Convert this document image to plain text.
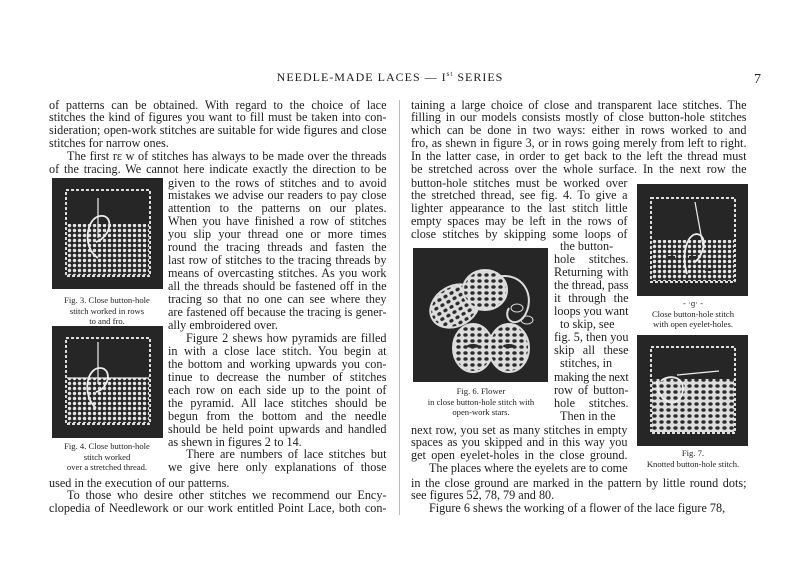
NEEDLE-MADE LACES — Ist SERIES	7
of patterns can be obtained. With regard to the choice of lace
stitches the kind of figures you want to fill must be taken into con-
sideration; open-work stitches are suitable for wide figures and close
stitches for narrow ones.
The first rɛ w of stitches has always to be made over the threads
of the tracing. We cannot here indicate exactly the direction to be
given to the rows of stitches and to avoid
mistakes we advise our readers to pay close
attention to the patterns on our plates.
When you have finished a row of stitches
you slip your thread one or more times
round the tracing threads and fasten the
last row of stitches to the tracing threads by
means of overcasting stitches. As you work
all the threads should be fastened off in the
tracing so that no one can see where they
are fastened off because the tracing is gener-
ally embroidered over.
Figure 2 shews how pyramids are filled
in with a close lace stitch. You begin at
the bottom and working upwards you con-
tinue to decrease the number of stitches
each row on each side up to the point of
the pyramid. All lace stitches should be
begun from the bottom and the needle
should be held point upwards and handled
as shewn in figures 2 to 14.
There are numbers of lace stitches but
we give here only explanations of those
used in the execution of our patterns.
To those who desire other stitches we recommend our Ency-
clopedia of Needlework or our work entitled Point Lace, both con-
taining a large choice of close and transparent lace stitches. The
filling in our models consists mostly of close button-hole stitches
which can be done in two ways: either in rows worked to and
fro, as shewn in figure 3, or in rows going merely from left to right.
In the latter case, in order to get back to the left the thread must
be stretched across over the whole surface. In the next row the
button-hole stitches must be worked over
the stretched thread, see fig. 4. To give a
lighter appearance to the last stitch little
empty spaces may be left in the rows of
close stitches by skipping some loops of
the button-
hole stitches.
Returning with
the thread, pass
it through the
loops you want
to skip, see
fig. 5, then you
skip all these
stitches, in
making the next
row of button-
hole stitches.
Then in the
next row, you set as many stitches in empty
spaces as you skipped and in this way you
get open eyelet-holes in the close ground.
The places where the eyelets are to come
in the close ground are marked in the pattern by little round dots;
see figures 52, 78, 79 and 80.
Figure 6 shews the working of a flower of the lace figure 78,
Fig. 3. Close button-hole
stitch worked in rows
to and fro.
Fig. 4. Close button-hole
stitch worked
over a stretched thread.
- ·ɡ· -
Close button-hole stitch
with open eyelet-holes.
Fig. 6. Flower
in close button-hole stitch with
open-work stars.
Fig. 7.
Knotted button-hole stitch.
